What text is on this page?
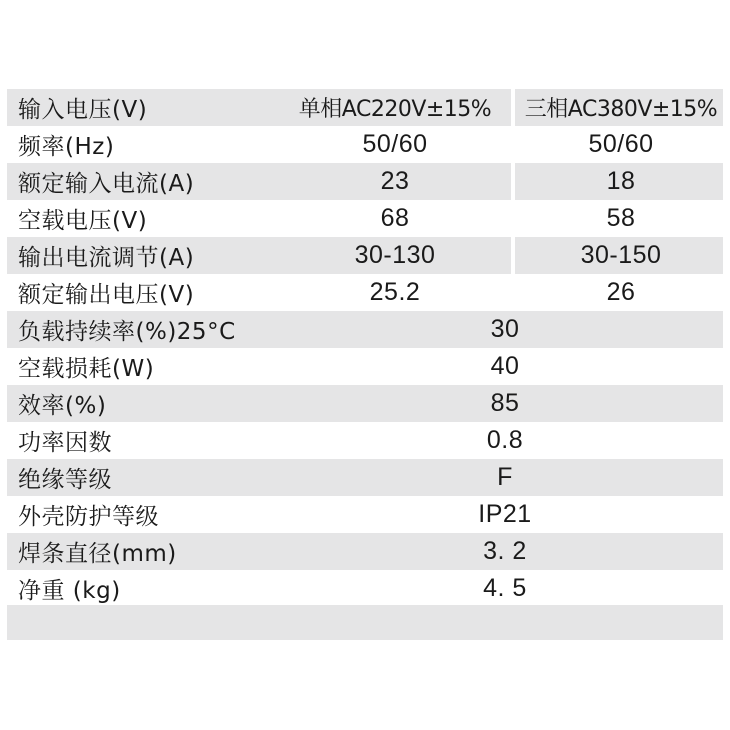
输入电压(V)	单相AC220V±15%	三相AC380V±15%
频率(Hz)	50/60	50/60
额定输入电流(A)	23	18
空载电压(V)	68	58
输出电流调节(A)	30-130	30-150
额定输出电压(V)	25.2	26
负载持续率(%)25°C	30
空载损耗(W)	40
效率(%)	85
功率因数	0.8
绝缘等级	F
外壳防护等级	IP21
焊条直径(mm)	3. 2
净重 (kg)	4. 5
